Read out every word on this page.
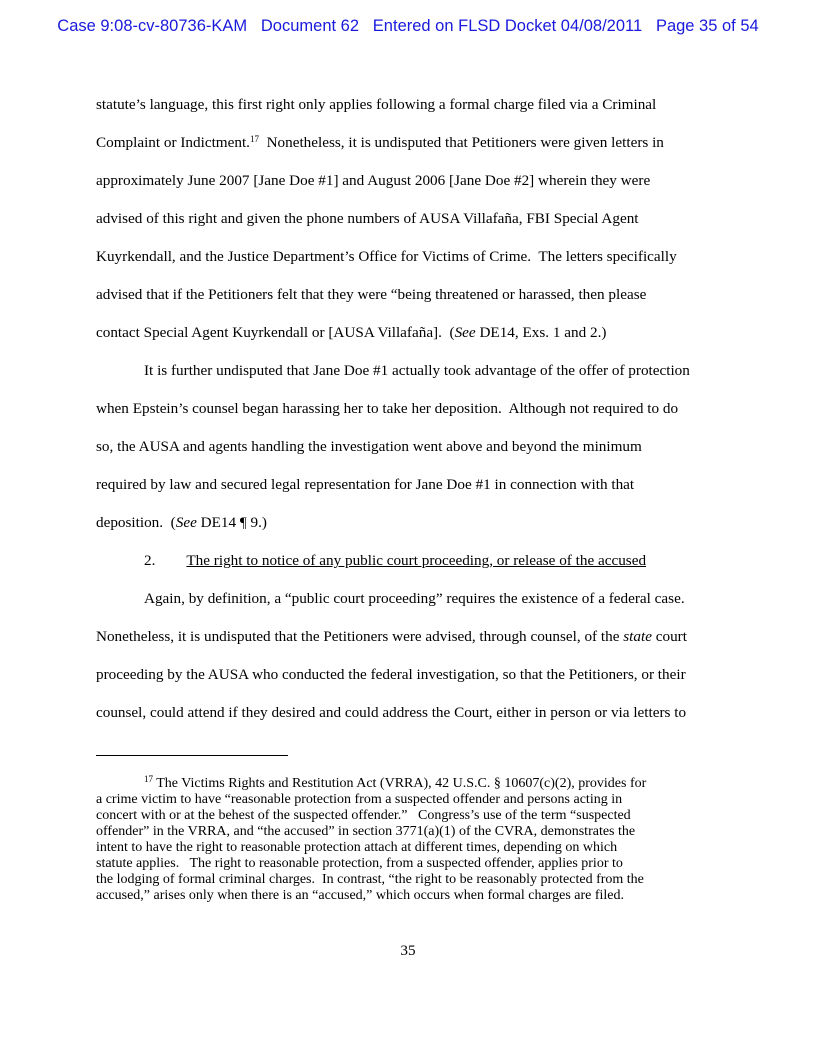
Case 9:08-cv-80736-KAM Document 62 Entered on FLSD Docket 04/08/2011 Page 35 of 54
statute’s language, this first right only applies following a formal charge filed via a Criminal
Complaint or Indictment.$^{17}$  Nonetheless, it is undisputed that Petitioners were given letters in
approximately June 2007 [Jane Doe #1] and August 2006 [Jane Doe #2] wherein they were
advised of this right and given the phone numbers of AUSA Villafaña, FBI Special Agent
Kuyrkendall, and the Justice Department’s Office for Victims of Crime.  The letters specifically
advised that if the Petitioners felt that they were “being threatened or harassed, then please
contact Special Agent Kuyrkendall or [AUSA Villafaña].  (See DE14, Exs. 1 and 2.)
It is further undisputed that Jane Doe #1 actually took advantage of the offer of protection
when Epstein’s counsel began harassing her to take her deposition.  Although not required to do
so, the AUSA and agents handling the investigation went above and beyond the minimum
required by law and secured legal representation for Jane Doe #1 in connection with that
deposition.  (See DE14 ¶ 9.)
2. The right to notice of any public court proceeding, or release of the accused
Again, by definition, a “public court proceeding” requires the existence of a federal case.
Nonetheless, it is undisputed that the Petitioners were advised, through counsel, of the state court
proceeding by the AUSA who conducted the federal investigation, so that the Petitioners, or their
counsel, could attend if they desired and could address the Court, either in person or via letters to
$^{17}$ The Victims Rights and Restitution Act (VRRA), 42 U.S.C. § 10607(c)(2), provides for
a crime victim to have “reasonable protection from a suspected offender and persons acting in
concert with or at the behest of the suspected offender.”   Congress’s use of the term “suspected
offender” in the VRRA, and “the accused” in section 3771(a)(1) of the CVRA, demonstrates the
intent to have the right to reasonable protection attach at different times, depending on which
statute applies.   The right to reasonable protection, from a suspected offender, applies prior to
the lodging of formal criminal charges.  In contrast, “the right to be reasonably protected from the
accused,” arises only when there is an “accused,” which occurs when formal charges are filed.
35
